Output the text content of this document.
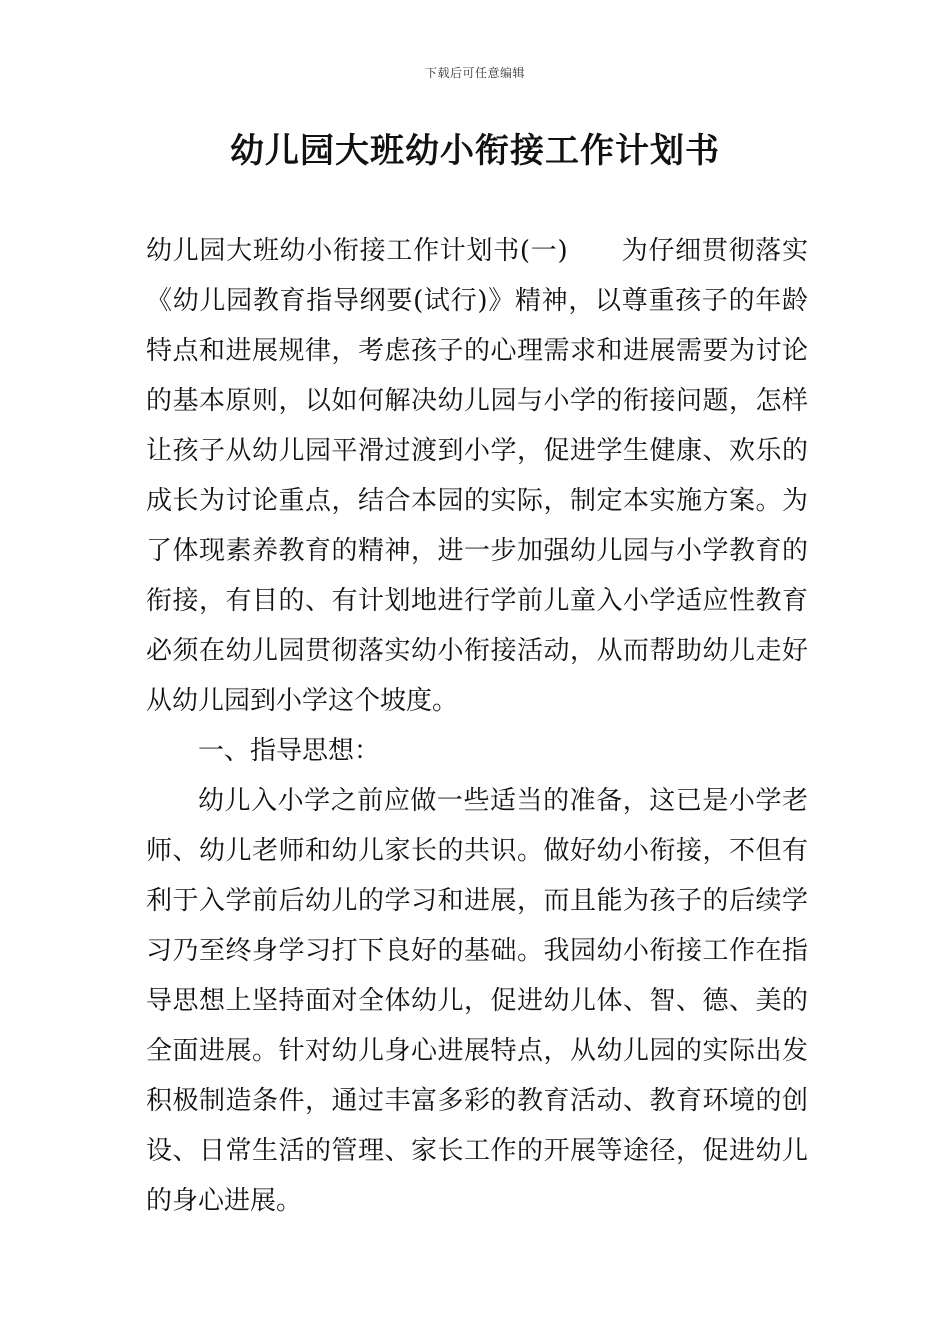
下载后可任意编辑
幼儿园大班幼小衔接工作计划书

幼儿园大班幼小衔接工作计划书(一)　　为仔细贯彻落实《幼儿园教育指导纲要(试行)》精神，以尊重孩子的年龄特点和进展规律，考虑孩子的心理需求和进展需要为讨论的基本原则，以如何解决幼儿园与小学的衔接问题，怎样让孩子从幼儿园平滑过渡到小学，促进学生健康、欢乐的成长为讨论重点，结合本园的实际，制定本实施方案。为了体现素养教育的精神，进一步加强幼儿园与小学教育的衔接，有目的、有计划地进行学前儿童入小学适应性教育必须在幼儿园贯彻落实幼小衔接活动，从而帮助幼儿走好从幼儿园到小学这个坡度。

一、指导思想：

幼儿入小学之前应做一些适当的准备，这已是小学老师、幼儿老师和幼儿家长的共识。做好幼小衔接，不但有利于入学前后幼儿的学习和进展，而且能为孩子的后续学习乃至终身学习打下良好的基础。我园幼小衔接工作在指导思想上坚持面对全体幼儿，促进幼儿体、智、德、美的全面进展。针对幼儿身心进展特点，从幼儿园的实际出发积极制造条件，通过丰富多彩的教育活动、教育环境的创设、日常生活的管理、家长工作的开展等途径，促进幼儿的身心进展。
